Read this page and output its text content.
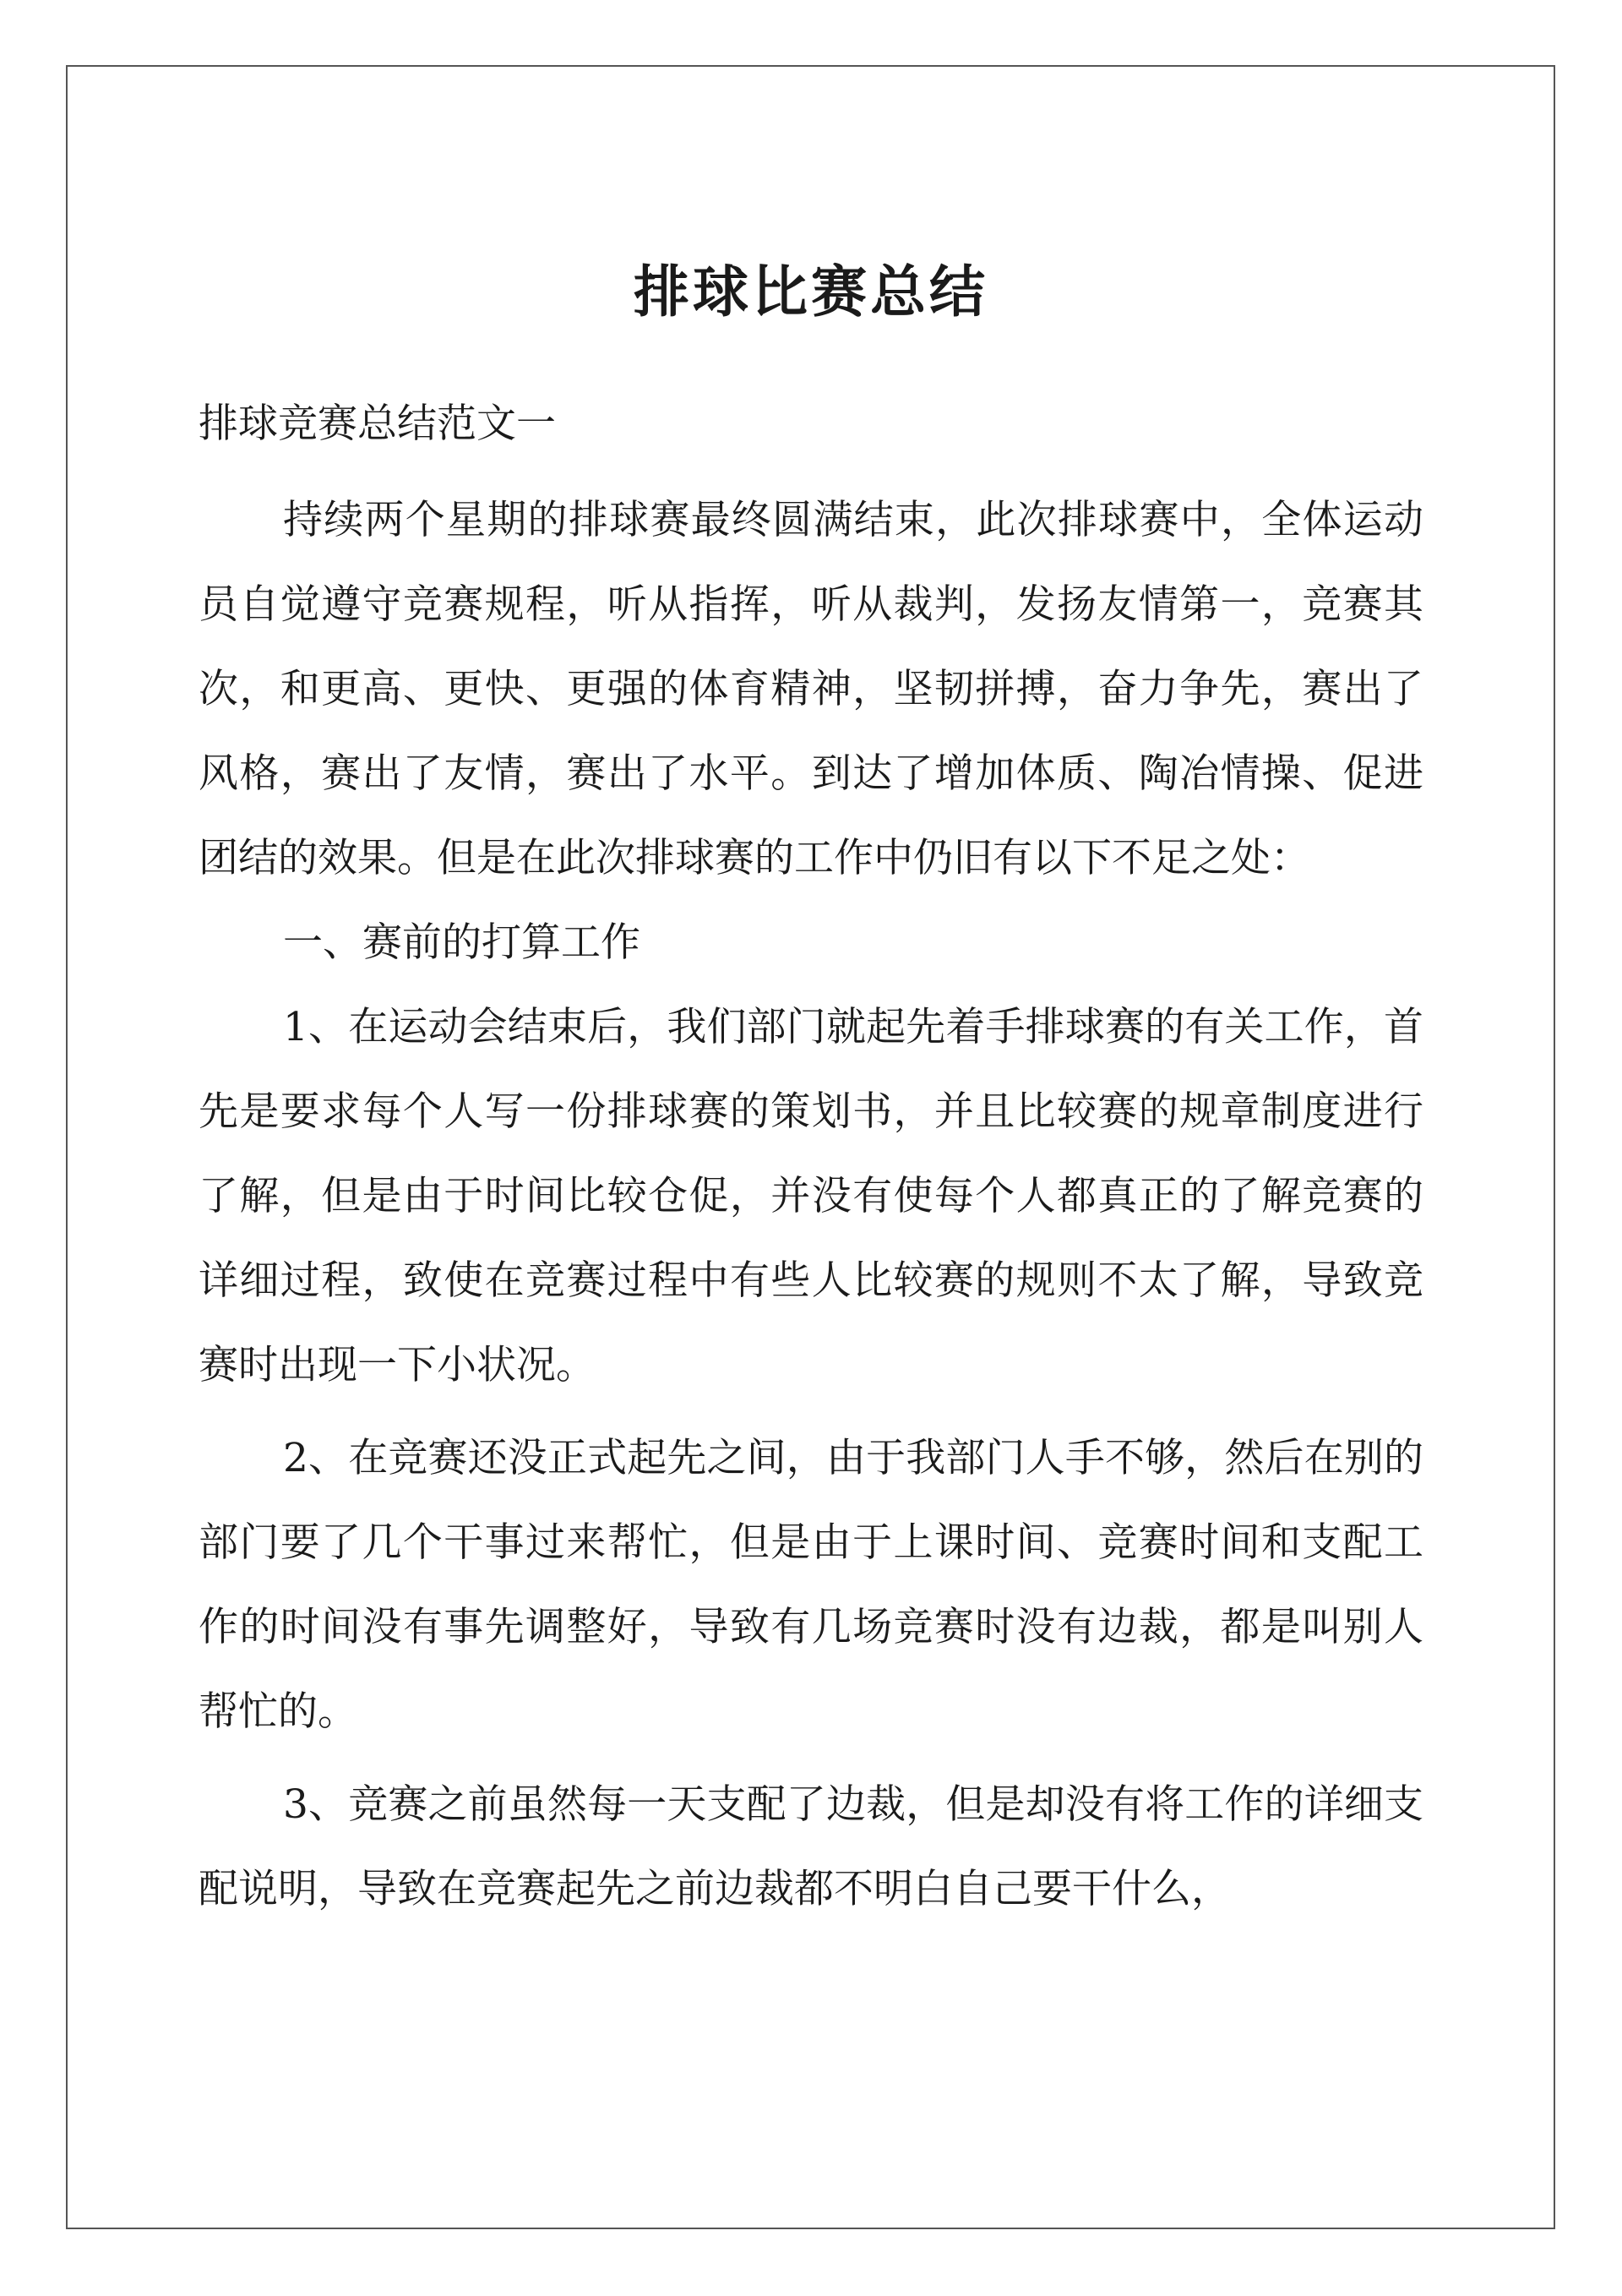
排球比赛总结
排球竞赛总结范文一

持续两个星期的排球赛最终圆满结束，此次排球赛中，全体运动员自觉遵守竞赛规程，听从指挥，听从裁判，发扬友情第一，竞赛其次，和更高、更快、更强的体育精神，坚韧拼搏，奋力争先，赛出了风格，赛出了友情，赛出了水平。到达了增加体质、陶冶情操、促进团结的效果。但是在此次排球赛的工作中仍旧有以下不足之处：

一、赛前的打算工作

1、在运动会结束后，我们部门就起先着手排球赛的有关工作，首先是要求每个人写一份排球赛的策划书，并且比较赛的规章制度进行了解，但是由于时间比较仓促，并没有使每个人都真正的了解竞赛的详细过程，致使在竞赛过程中有些人比较赛的规则不太了解，导致竞赛时出现一下小状况。

2、在竞赛还没正式起先之间，由于我部门人手不够，然后在别的部门要了几个干事过来帮忙，但是由于上课时间、竞赛时间和支配工作的时间没有事先调整好，导致有几场竞赛时没有边裁，都是叫别人帮忙的。

3、竞赛之前虽然每一天支配了边裁，但是却没有将工作的详细支配说明，导致在竞赛起先之前边裁都不明白自己要干什么，
